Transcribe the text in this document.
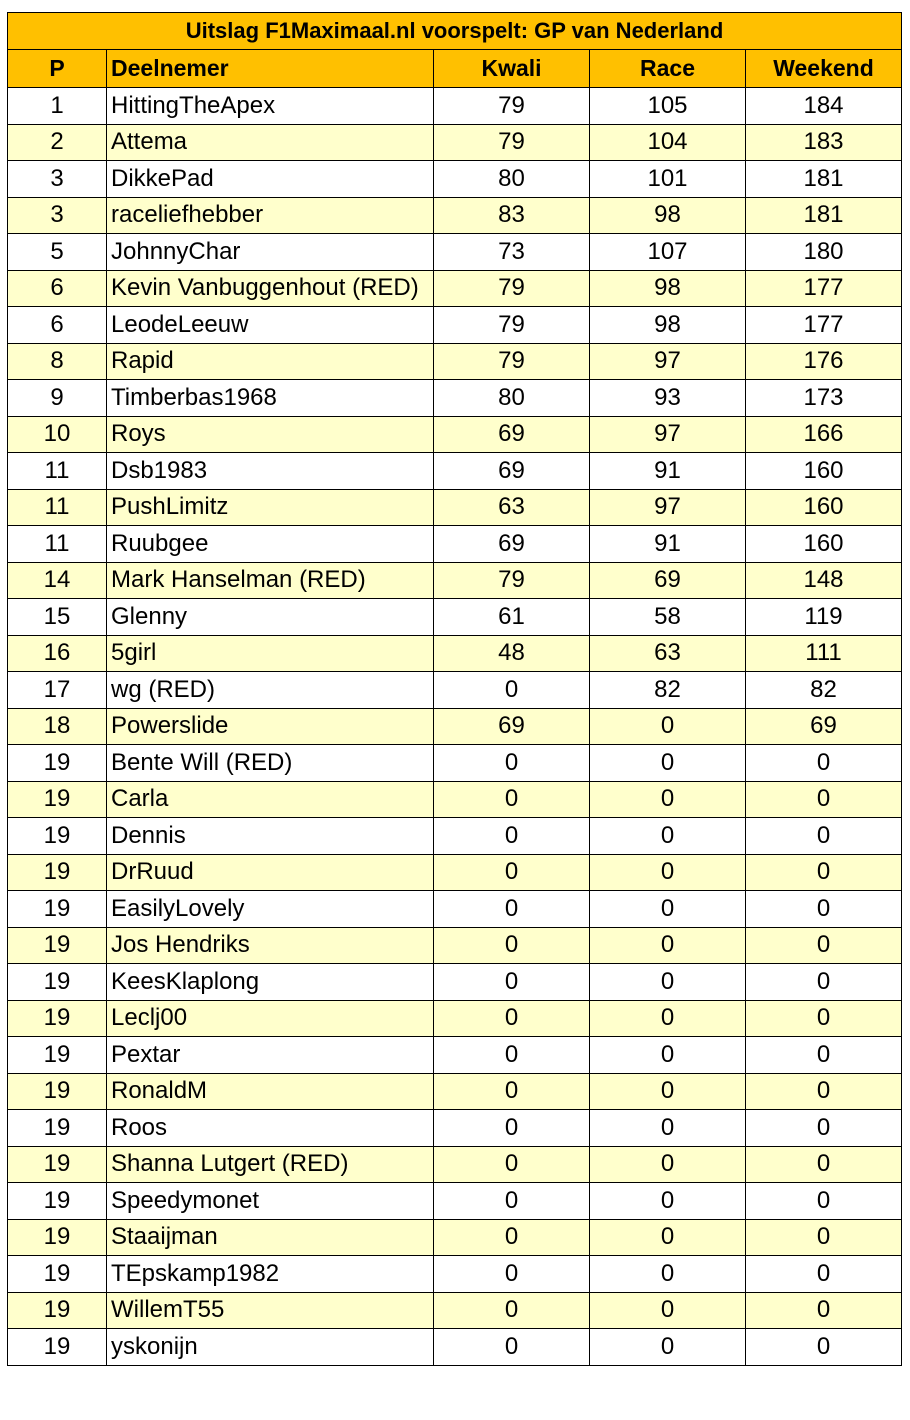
Uitslag F1Maximaal.nl voorspelt: GP van Nederland				
P	Deelnemer	Kwali	Race	Weekend
1	HittingTheApex	79	105	184
2	Attema	79	104	183
3	DikkePad	80	101	181
3	raceliefhebber	83	98	181
5	JohnnyChar	73	107	180
6	Kevin Vanbuggenhout (RED)	79	98	177
6	LeodeLeeuw	79	98	177
8	Rapid	79	97	176
9	Timberbas1968	80	93	173
10	Roys	69	97	166
11	Dsb1983	69	91	160
11	PushLimitz	63	97	160
11	Ruubgee	69	91	160
14	Mark Hanselman (RED)	79	69	148
15	Glenny	61	58	119
16	5girl	48	63	111
17	wg (RED)	0	82	82
18	Powerslide	69	0	69
19	Bente Will (RED)	0	0	0
19	Carla	0	0	0
19	Dennis	0	0	0
19	DrRuud	0	0	0
19	EasilyLovely	0	0	0
19	Jos Hendriks	0	0	0
19	KeesKlaplong	0	0	0
19	Leclj00	0	0	0
19	Pextar	0	0	0
19	RonaldM	0	0	0
19	Roos	0	0	0
19	Shanna Lutgert (RED)	0	0	0
19	Speedymonet	0	0	0
19	Staaijman	0	0	0
19	TEpskamp1982	0	0	0
19	WillemT55	0	0	0
19	yskonijn	0	0	0
